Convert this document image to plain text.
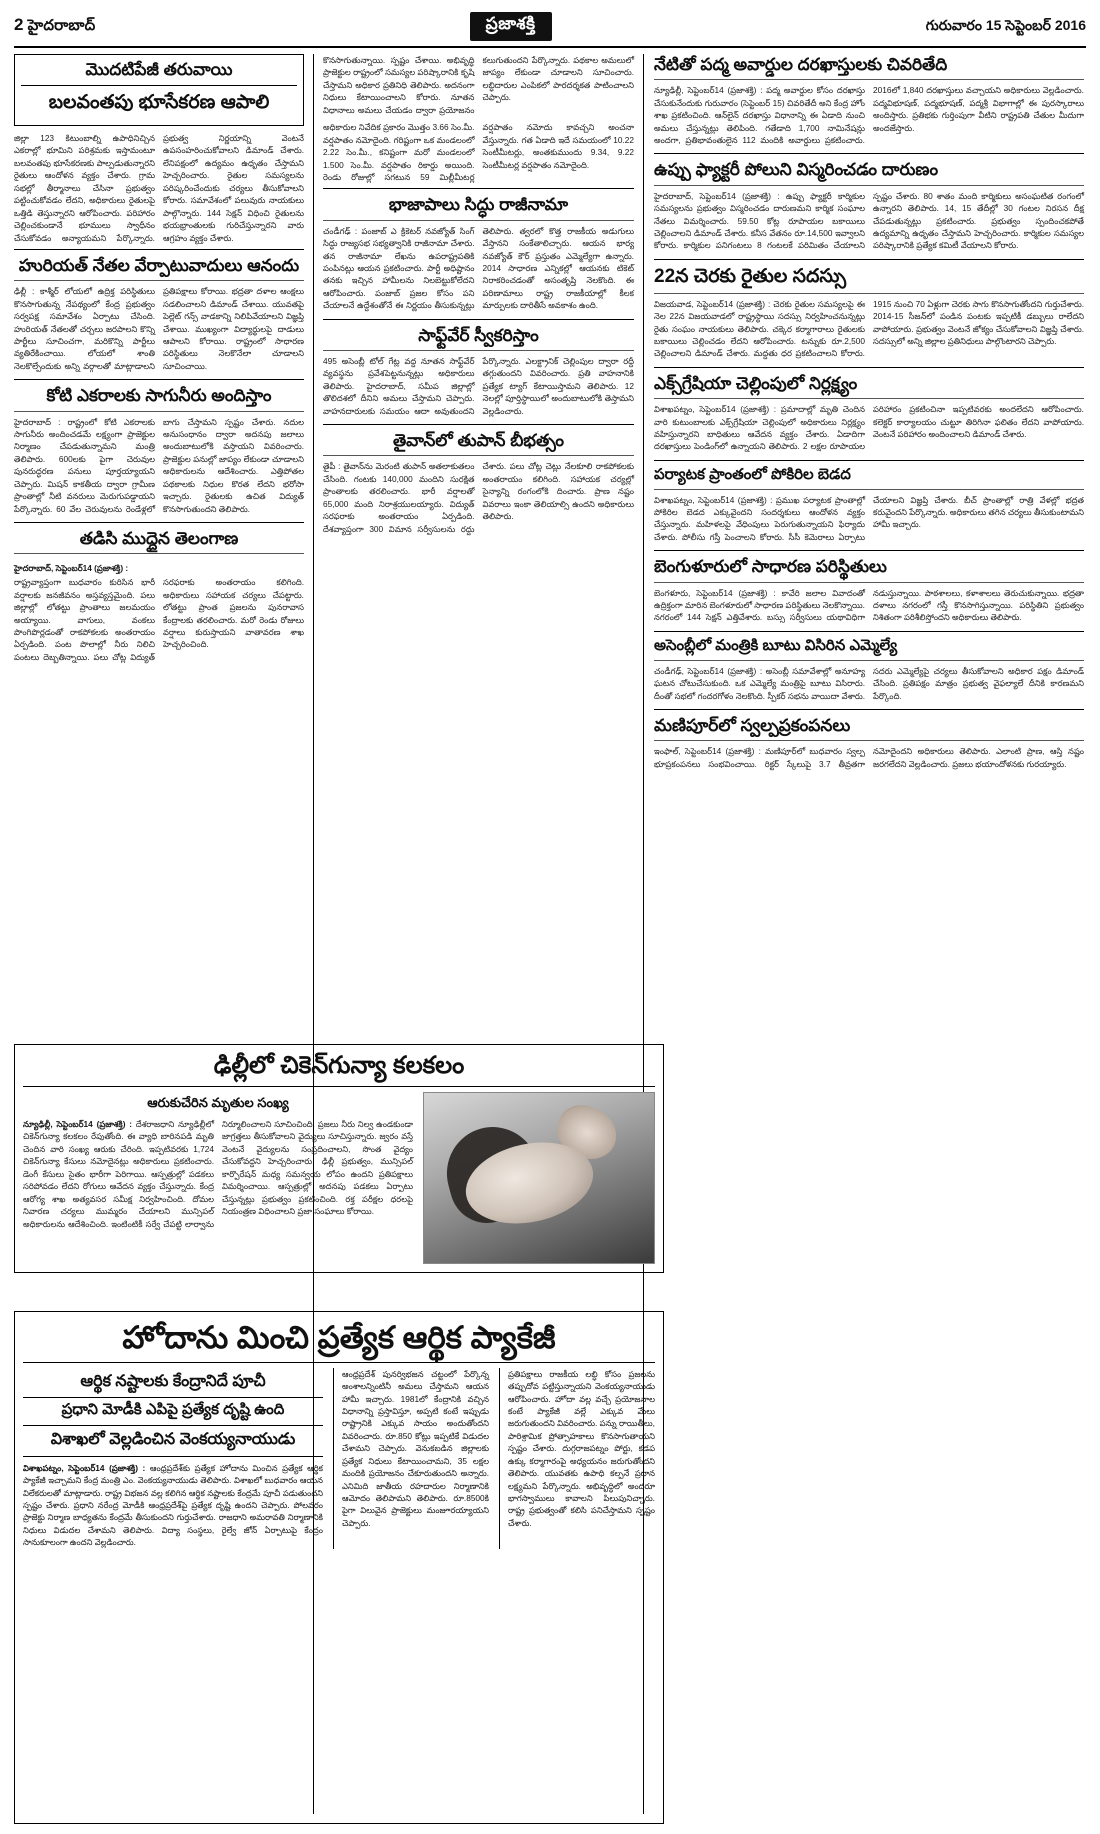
2 హైదరాబాద్	ప్రజాశక్తి	గురువారం 15 సెప్టెంబర్ 2016
మొదటిపేజీ తరువాయి
బలవంతపు భూసేకరణ ఆపాలి
జిల్లా 123 కిటుంబాల్ని ఉపాధినిచ్చిన ఎకరాల్లో భూమిని పరిశ్రమకు ఇస్తామంటూ బలవంతపు భూసేకరణకు పాల్పడుతున్నారని రైతులు ఆందోళన వ్యక్తం చేశారు. గ్రామ సభల్లో తీర్మానాలు చేసినా ప్రభుత్వం పట్టించుకోవడం లేదని, అధికారులు రైతులపై ఒత్తిడి తెస్తున్నారని ఆరోపించారు. పరిహారం చెల్లించకుండానే భూములు స్వాధీనం చేసుకోవడం అన్యాయమని పేర్కొన్నారు. ప్రభుత్వ నిర్ణయాన్ని వెంటనే ఉపసంహరించుకోవాలని డిమాండ్ చేశారు. లేనిపక్షంలో ఉద్యమం ఉధృతం చేస్తామని హెచ్చరించారు. రైతుల సమస్యలను పరిష్కరించేందుకు చర్యలు తీసుకోవాలని కోరారు. సమావేశంలో పలువురు నాయకులు పాల్గొన్నారు. 144 సెక్షన్ విధించి రైతులను భయభ్రాంతులకు గురిచేస్తున్నారని వారు ఆగ్రహం వ్యక్తం చేశారు.
హురియత్ నేతల వేర్పాటువాదులు ఆనందు
ఢిల్లీ : కాశ్మీర్ లోయలో ఉద్రిక్త పరిస్థితులు కొనసాగుతున్న నేపథ్యంలో కేంద్ర ప్రభుత్వం సర్వపక్ష సమావేశం ఏర్పాటు చేసింది. హురియత్ నేతలతో చర్చలు జరపాలని కొన్ని పార్టీలు సూచించగా, మరికొన్ని పార్టీలు వ్యతిరేకించాయి. లోయలో శాంతి నెలకొల్పేందుకు అన్ని వర్గాలతో మాట్లాడాలని ప్రతిపక్షాలు కోరాయి. భద్రతా దళాల ఆంక్షలు సడలించాలని డిమాండ్ చేశాయి. యువతపై పెల్లెట్ గన్స్ వాడకాన్ని నిలిపివేయాలని విజ్ఞప్తి చేశాయి. ముఖ్యంగా విద్యార్థులపై దాడులు ఆపాలని కోరాయి. రాష్ట్రంలో సాధారణ పరిస్థితులు నెలకొనేలా చూడాలని సూచించాయి.
కోటి ఎకరాలకు సాగునీరు అందిస్తాం
హైదరాబాద్ : రాష్ట్రంలో కోటి ఎకరాలకు సాగునీరు అందించడమే లక్ష్యంగా ప్రాజెక్టుల నిర్మాణం చేపడుతున్నామని మంత్రి తెలిపారు. 600లకు పైగా చెరువుల పునరుద్ధరణ పనులు పూర్తయ్యాయని చెప్పారు. మిషన్ కాకతీయ ద్వారా గ్రామీణ ప్రాంతాల్లో నీటి వనరులు మెరుగుపడ్డాయని పేర్కొన్నారు. 60 వేల చెరువులను రెండేళ్లలో బాగు చేస్తామని స్పష్టం చేశారు. నదుల అనుసంధానం ద్వారా అదనపు జలాలు అందుబాటులోకి వస్తాయని వివరించారు. ప్రాజెక్టుల పనుల్లో జాప్యం లేకుండా చూడాలని అధికారులను ఆదేశించారు. ఎత్తిపోతల పథకాలకు నిధుల కొరత లేదని భరోసా ఇచ్చారు. రైతులకు ఉచిత విద్యుత్ కొనసాగుతుందని తెలిపారు.
తడిసి ముద్దైన తెలంగాణ
హైదరాబాద్, సెప్టెంబర్14 (ప్రజాశక్తి) :
రాష్ట్రవ్యాప్తంగా బుధవారం కురిసిన భారీ వర్షాలకు జనజీవనం అస్తవ్యస్తమైంది. పలు జిల్లాల్లో లోతట్టు ప్రాంతాలు జలమయం అయ్యాయి. వాగులు, వంకలు పొంగిపొర్లడంతో రాకపోకలకు అంతరాయం ఏర్పడింది. పంట పొలాల్లో నీరు నిలిచి పంటలు దెబ్బతిన్నాయి. పలు చోట్ల విద్యుత్ సరఫరాకు అంతరాయం కలిగింది. అధికారులు సహాయక చర్యలు చేపట్టారు. లోతట్టు ప్రాంత ప్రజలను పునరావాస కేంద్రాలకు తరలించారు. మరో రెండు రోజులు వర్షాలు కురుస్తాయని వాతావరణ శాఖ హెచ్చరించింది.
కొనసాగుతున్నాయి. స్పష్టం చేశాయి. అభివృద్ధి ప్రాజెక్టుల రాష్ట్రంలో సమస్యల పరిష్కారానికి కృషి చేస్తామని అధికార ప్రతినిధి తెలిపారు. అదనంగా నిధులు కేటాయించాలని కోరారు. నూతన విధానాలు అమలు చేయడం ద్వారా ప్రయోజనం కలుగుతుందని పేర్కొన్నారు. పథకాల అమలులో జాప్యం లేకుండా చూడాలని సూచించారు. లబ్ధిదారుల ఎంపికలో పారదర్శకత పాటించాలని చెప్పారు.
అధికారుల నివేదిక ప్రకారం మొత్తం 3.66 సెం.మీ. వర్షపాతం నమోదైంది. గరిష్టంగా ఒక మండలంలో 2.22 సెం.మీ., కనిష్టంగా మరో మండలంలో 1.500 సెం.మీ. వర్షపాతం రికార్డు అయింది. రెండు రోజుల్లో సగటున 59 మిల్లీమీటర్ల వర్షపాతం నమోదు కావచ్చని అంచనా వేస్తున్నారు. గత ఏడాది ఇదే సమయంలో 10.22 సెంటీమీటర్లు, అంతకుముందు 9.34, 9.22 సెంటీమీటర్ల వర్షపాతం నమోదైంది.
భాజాపాలు సిద్ధు రాజీనామా
చండీగఢ్ : పంజాబ్ ఎ క్రికెటర్ నవజ్యోత్ సింగ్ సిద్ధు రాజ్యసభ సభ్యత్వానికి రాజీనామా చేశారు. తన రాజీనామా లేఖను ఉపరాష్ట్రపతికి పంపినట్లు ఆయన ప్రకటించారు. పార్టీ అధిష్టానం తనకు ఇచ్చిన హామీలను నిలబెట్టుకోలేదని ఆరోపించారు. పంజాబ్ ప్రజల కోసం పని చేయాలనే ఉద్దేశంతోనే ఈ నిర్ణయం తీసుకున్నట్లు తెలిపారు. త్వరలో కొత్త రాజకీయ అడుగులు వేస్తానని సంకేతాలిచ్చారు. ఆయన భార్య నవజ్యోత్ కౌర్ ప్రస్తుతం ఎమ్మెల్యేగా ఉన్నారు. 2014 సాధారణ ఎన్నికల్లో ఆయనకు టికెట్ నిరాకరించడంతో అసంతృప్తి నెలకొంది. ఈ పరిణామాలు రాష్ట్ర రాజకీయాల్లో కీలక మార్పులకు దారితీసే అవకాశం ఉంది.
సాఫ్ట్‌వేర్ స్వీకరిస్తాం
495 అసెంబ్లీ టోల్ గేట్ల వద్ద నూతన సాఫ్ట్‌వేర్ వ్యవస్థను ప్రవేశపెట్టనున్నట్లు అధికారులు తెలిపారు. హైదరాబాద్, సమీప జిల్లాల్లో తొలిదశలో దీనిని అమలు చేస్తామని చెప్పారు. వాహనదారులకు సమయం ఆదా అవుతుందని పేర్కొన్నారు. ఎలక్ట్రానిక్ చెల్లింపుల ద్వారా రద్దీ తగ్గుతుందని వివరించారు. ప్రతి వాహనానికి ప్రత్యేక ట్యాగ్ కేటాయిస్తామని తెలిపారు. 12 నెలల్లో పూర్తిస్థాయిలో అందుబాటులోకి తెస్తామని వెల్లడించారు.
తైవాన్‌లో తుపాన్ బీభత్సం
తైపీ : తైవాన్‌ను మెరంటి తుపాన్ అతలాకుతలం చేసింది. గంటకు 140,000 మందిని సురక్షిత ప్రాంతాలకు తరలించారు. భారీ వర్షాలతో 65,000 మంది నిరాశ్రయులయ్యారు. విద్యుత్ సరఫరాకు అంతరాయం ఏర్పడింది. దేశవ్యాప్తంగా 300 విమాన సర్వీసులను రద్దు చేశారు. పలు చోట్ల చెట్లు నేలకూలి రాకపోకలకు అంతరాయం కలిగింది. సహాయక చర్యల్లో సైన్యాన్ని రంగంలోకి దించారు. ప్రాణ నష్టం వివరాలు ఇంకా తెలియాల్సి ఉందని అధికారులు తెలిపారు.
నేటితో పద్మ అవార్డుల దరఖాస్తులకు చివరితేది
న్యూఢిల్లీ, సెప్టెంబర్14 (ప్రజాశక్తి) : పద్మ అవార్డుల కోసం దరఖాస్తు చేసుకునేందుకు గురువారం (సెప్టెంబర్ 15) చివరితేదీ అని కేంద్ర హోం శాఖ ప్రకటించింది. ఆన్‌లైన్ దరఖాస్తు విధానాన్ని ఈ ఏడాది నుంచి అమలు చేస్తున్నట్లు తెలిపింది. గతేడాది 1,700 నామినేషన్లు అందగా, ప్రతిభావంతులైన 112 మందికి అవార్డులు ప్రకటించారు. 2016లో 1,840 దరఖాస్తులు వచ్చాయని అధికారులు వెల్లడించారు. పద్మవిభూషణ్, పద్మభూషణ్, పద్మశ్రీ విభాగాల్లో ఈ పురస్కారాలు అందిస్తారు. ప్రతిభకు గుర్తింపుగా వీటిని రాష్ట్రపతి చేతుల మీదుగా అందజేస్తారు.
ఉప్పు ఫ్యాక్టరీ పోలుని విస్మరించడం దారుణం
హైదరాబాద్, సెప్టెంబర్14 (ప్రజాశక్తి) : ఉప్పు ఫ్యాక్టరీ కార్మికుల సమస్యలను ప్రభుత్వం విస్మరించడం దారుణమని కార్మిక సంఘాల నేతలు విమర్శించారు. 59.50 కోట్ల రూపాయల బకాయిలు చెల్లించాలని డిమాండ్ చేశారు. కనీస వేతనం రూ.14,500 ఇవ్వాలని కోరారు. కార్మికుల పనిగంటలు 8 గంటలకే పరిమితం చేయాలని స్పష్టం చేశారు. 80 శాతం మంది కార్మికులు అసంఘటిత రంగంలో ఉన్నారని తెలిపారు. 14, 15 తేదీల్లో 30 గంటల నిరసన దీక్ష చేపడుతున్నట్లు ప్రకటించారు. ప్రభుత్వం స్పందించకపోతే ఉద్యమాన్ని ఉధృతం చేస్తామని హెచ్చరించారు. కార్మికుల సమస్యల పరిష్కారానికి ప్రత్యేక కమిటీ వేయాలని కోరారు.
22న చెరకు రైతుల సదస్సు
విజయవాడ, సెప్టెంబర్14 (ప్రజాశక్తి) : చెరకు రైతుల సమస్యలపై ఈ నెల 22న విజయవాడలో రాష్ట్రస్థాయి సదస్సు నిర్వహించనున్నట్లు రైతు సంఘం నాయకులు తెలిపారు. చక్కెర కర్మాగారాలు రైతులకు బకాయిలు చెల్లించడం లేదని ఆరోపించారు. టన్నుకు రూ.2,500 చెల్లించాలని డిమాండ్ చేశారు. మద్దతు ధర ప్రకటించాలని కోరారు. 1915 నుంచి 70 ఏళ్లుగా చెరకు సాగు కొనసాగుతోందని గుర్తుచేశారు. 2014-15 సీజన్‌లో పండిన పంటకు ఇప్పటికీ డబ్బులు రాలేదని వాపోయారు. ప్రభుత్వం వెంటనే జోక్యం చేసుకోవాలని విజ్ఞప్తి చేశారు. సదస్సులో అన్ని జిల్లాల ప్రతినిధులు పాల్గొంటారని చెప్పారు.
ఎక్స్‌గ్రేషియా చెల్లింపులో నిర్లక్ష్యం
విశాఖపట్నం, సెప్టెంబర్14 (ప్రజాశక్తి) : ప్రమాదాల్లో మృతి చెందిన వారి కుటుంబాలకు ఎక్స్‌గ్రేషియా చెల్లింపులో అధికారులు నిర్లక్ష్యం వహిస్తున్నారని బాధితులు ఆవేదన వ్యక్తం చేశారు. ఏడాదిగా దరఖాస్తులు పెండింగ్‌లో ఉన్నాయని తెలిపారు. 2 లక్షల రూపాయల పరిహారం ప్రకటించినా ఇప్పటివరకు అందలేదని ఆరోపించారు. కలెక్టర్ కార్యాలయం చుట్టూ తిరిగినా ఫలితం లేదని వాపోయారు. వెంటనే పరిహారం అందించాలని డిమాండ్ చేశారు.
పర్యాటక ప్రాంతంలో పోకిరిల బెడద
విశాఖపట్నం, సెప్టెంబర్14 (ప్రజాశక్తి) : ప్రముఖ పర్యాటక ప్రాంతాల్లో పోకిరిల బెడద ఎక్కువైందని సందర్శకులు ఆందోళన వ్యక్తం చేస్తున్నారు. మహిళలపై వేధింపులు పెరుగుతున్నాయని ఫిర్యాదు చేశారు. పోలీసు గస్తీ పెంచాలని కోరారు. సీసీ కెమెరాలు ఏర్పాటు చేయాలని విజ్ఞప్తి చేశారు. బీచ్ ప్రాంతాల్లో రాత్రి వేళల్లో భద్రత కరువైందని పేర్కొన్నారు. అధికారులు తగిన చర్యలు తీసుకుంటామని హామీ ఇచ్చారు.
బెంగుళూరులో సాధారణ పరిస్థితులు
బెంగళూరు, సెప్టెంబర్14 (ప్రజాశక్తి) : కావేరి జలాల వివాదంతో ఉద్రిక్తంగా మారిన బెంగళూరులో సాధారణ పరిస్థితులు నెలకొన్నాయి. నగరంలో 144 సెక్షన్ ఎత్తివేశారు. బస్సు సర్వీసులు యథావిధిగా నడుస్తున్నాయి. పాఠశాలలు, కళాశాలలు తెరుచుకున్నాయి. భద్రతా దళాలు నగరంలో గస్తీ కొనసాగిస్తున్నాయి. పరిస్థితిని ప్రభుత్వం నిశితంగా పరిశీలిస్తోందని అధికారులు తెలిపారు.
అసెంబ్లీలో మంత్రికి బూటు విసిరిన ఎమ్మెల్యే
చండీగఢ్, సెప్టెంబర్14 (ప్రజాశక్తి) : అసెంబ్లీ సమావేశాల్లో అనూహ్య ఘటన చోటుచేసుకుంది. ఒక ఎమ్మెల్యే మంత్రిపై బూటు విసిరారు. దీంతో సభలో గందరగోళం నెలకొంది. స్పీకర్ సభను వాయిదా వేశారు. సదరు ఎమ్మెల్యేపై చర్యలు తీసుకోవాలని అధికార పక్షం డిమాండ్ చేసింది. ప్రతిపక్షం మాత్రం ప్రభుత్వ వైఫల్యాలే దీనికి కారణమని పేర్కొంది.
మణిపూర్‌లో స్వల్పప్రకంపనలు
ఇంఫాల్, సెప్టెంబర్14 (ప్రజాశక్తి) : మణిపూర్‌లో బుధవారం స్వల్ప భూప్రకంపనలు సంభవించాయి. రిక్టర్ స్కేలుపై 3.7 తీవ్రతగా నమోదైందని అధికారులు తెలిపారు. ఎలాంటి ప్రాణ, ఆస్తి నష్టం జరగలేదని వెల్లడించారు. ప్రజలు భయాందోళనకు గురయ్యారు.
ఢిల్లీలో చికెన్‌గున్యా కలకలం
ఆరుకుచేరిన మృతుల సంఖ్య
న్యూఢిల్లీ, సెప్టెంబర్14 (ప్రజాశక్తి) : దేశరాజధాని న్యూఢిల్లీలో చికెన్‌గున్యా కలకలం రేపుతోంది. ఈ వ్యాధి బారినపడి మృతి చెందిన వారి సంఖ్య ఆరుకు చేరింది. ఇప్పటివరకు 1,724 చికెన్‌గున్యా కేసులు నమోదైనట్లు అధికారులు ప్రకటించారు. డెంగీ కేసులు సైతం భారీగా పెరిగాయి. ఆస్పత్రుల్లో పడకలు సరిపోవడం లేదని రోగులు ఆవేదన వ్యక్తం చేస్తున్నారు. కేంద్ర ఆరోగ్య శాఖ అత్యవసర సమీక్ష నిర్వహించింది. దోమల నివారణ చర్యలు ముమ్మరం చేయాలని మున్సిపల్ అధికారులను ఆదేశించింది. ఇంటింటికీ సర్వే చేపట్టి లార్వాను నిర్మూలించాలని సూచించింది. ప్రజలు నీరు నిల్వ ఉండకుండా జాగ్రత్తలు తీసుకోవాలని వైద్యులు సూచిస్తున్నారు. జ్వరం వస్తే వెంటనే వైద్యులను సంప్రదించాలని, సొంత వైద్యం చేసుకోవద్దని హెచ్చరించారు. ఢిల్లీ ప్రభుత్వం, మున్సిపల్ కార్పొరేషన్ మధ్య సమన్వయ లోపం ఉందని ప్రతిపక్షాలు విమర్శించాయి. ఆస్పత్రుల్లో అదనపు పడకలు ఏర్పాటు చేస్తున్నట్లు ప్రభుత్వం ప్రకటించింది. రక్త పరీక్షల ధరలపై నియంత్రణ విధించాలని ప్రజా సంఘాలు కోరాయి.
హోదాను మించి ప్రత్యేక ఆర్థిక ప్యాకేజీ
ఆర్థిక నష్టాలకు కేంద్రానిదే పూచీ
ప్రధాని మోడీకి ఎపిపై ప్రత్యేక దృష్టి ఉంది
విశాఖలో వెల్లడించిన వెంకయ్యనాయుడు
విశాఖపట్నం, సెప్టెంబర్14 (ప్రజాశక్తి) : ఆంధ్రప్రదేశ్‌కు ప్రత్యేక హోదాను మించిన ప్రత్యేక ఆర్థిక ప్యాకేజీ ఇచ్చామని కేంద్ర మంత్రి ఎం. వెంకయ్యనాయుడు తెలిపారు. విశాఖలో బుధవారం ఆయన విలేకరులతో మాట్లాడారు. రాష్ట్ర విభజన వల్ల కలిగిన ఆర్థిక నష్టాలకు కేంద్రమే పూచీ పడుతుందని స్పష్టం చేశారు. ప్రధాని నరేంద్ర మోడీకి ఆంధ్రప్రదేశ్‌పై ప్రత్యేక దృష్టి ఉందని చెప్పారు. పోలవరం ప్రాజెక్టు నిర్మాణ బాధ్యతను కేంద్రమే తీసుకుందని గుర్తుచేశారు. రాజధాని అమరావతి నిర్మాణానికి నిధులు విడుదల చేశామని తెలిపారు. విద్యా సంస్థలు, రైల్వే జోన్ ఏర్పాటుపై కేంద్రం సానుకూలంగా ఉందని వెల్లడించారు.
ఆంధ్రప్రదేశ్ పునర్విభజన చట్టంలో పేర్కొన్న అంశాలన్నింటినీ అమలు చేస్తామని ఆయన హామీ ఇచ్చారు. 1981లో కేంద్రానికి వచ్చిన విధానాన్ని ప్రస్తావిస్తూ, అప్పటి కంటే ఇప్పుడు రాష్ట్రానికి ఎక్కువ సాయం అందుతోందని వివరించారు. రూ.850 కోట్లు ఇప్పటికే విడుదల చేశామని చెప్పారు. వెనుకబడిన జిల్లాలకు ప్రత్యేక నిధులు కేటాయించామని, 35 లక్షల మందికి ప్రయోజనం చేకూరుతుందని అన్నారు. ఎనిమిది జాతీయ రహదారుల నిర్మాణానికి ఆమోదం తెలిపామని తెలిపారు. రూ.8500కి పైగా విలువైన ప్రాజెక్టులు మంజూరయ్యాయని చెప్పారు.
ప్రతిపక్షాలు రాజకీయ లబ్ధి కోసం ప్రజలను తప్పుదోవ పట్టిస్తున్నాయని వెంకయ్యనాయుడు ఆరోపించారు. హోదా వల్ల వచ్చే ప్రయోజనాల కంటే ప్యాకేజీ వల్లే ఎక్కువ మేలు జరుగుతుందని వివరించారు. పన్ను రాయితీలు, పారిశ్రామిక ప్రోత్సాహకాలు కొనసాగుతాయని స్పష్టం చేశారు. దుగ్గరాజపట్నం పోర్టు, కడప ఉక్కు కర్మాగారంపై అధ్యయనం జరుగుతోందని తెలిపారు. యువతకు ఉపాధి కల్పనే ప్రధాన లక్ష్యమని పేర్కొన్నారు. అభివృద్ధిలో అందరూ భాగస్వాములు కావాలని పిలుపునిచ్చారు. రాష్ట్ర ప్రభుత్వంతో కలిసి పనిచేస్తామని స్పష్టం చేశారు.
